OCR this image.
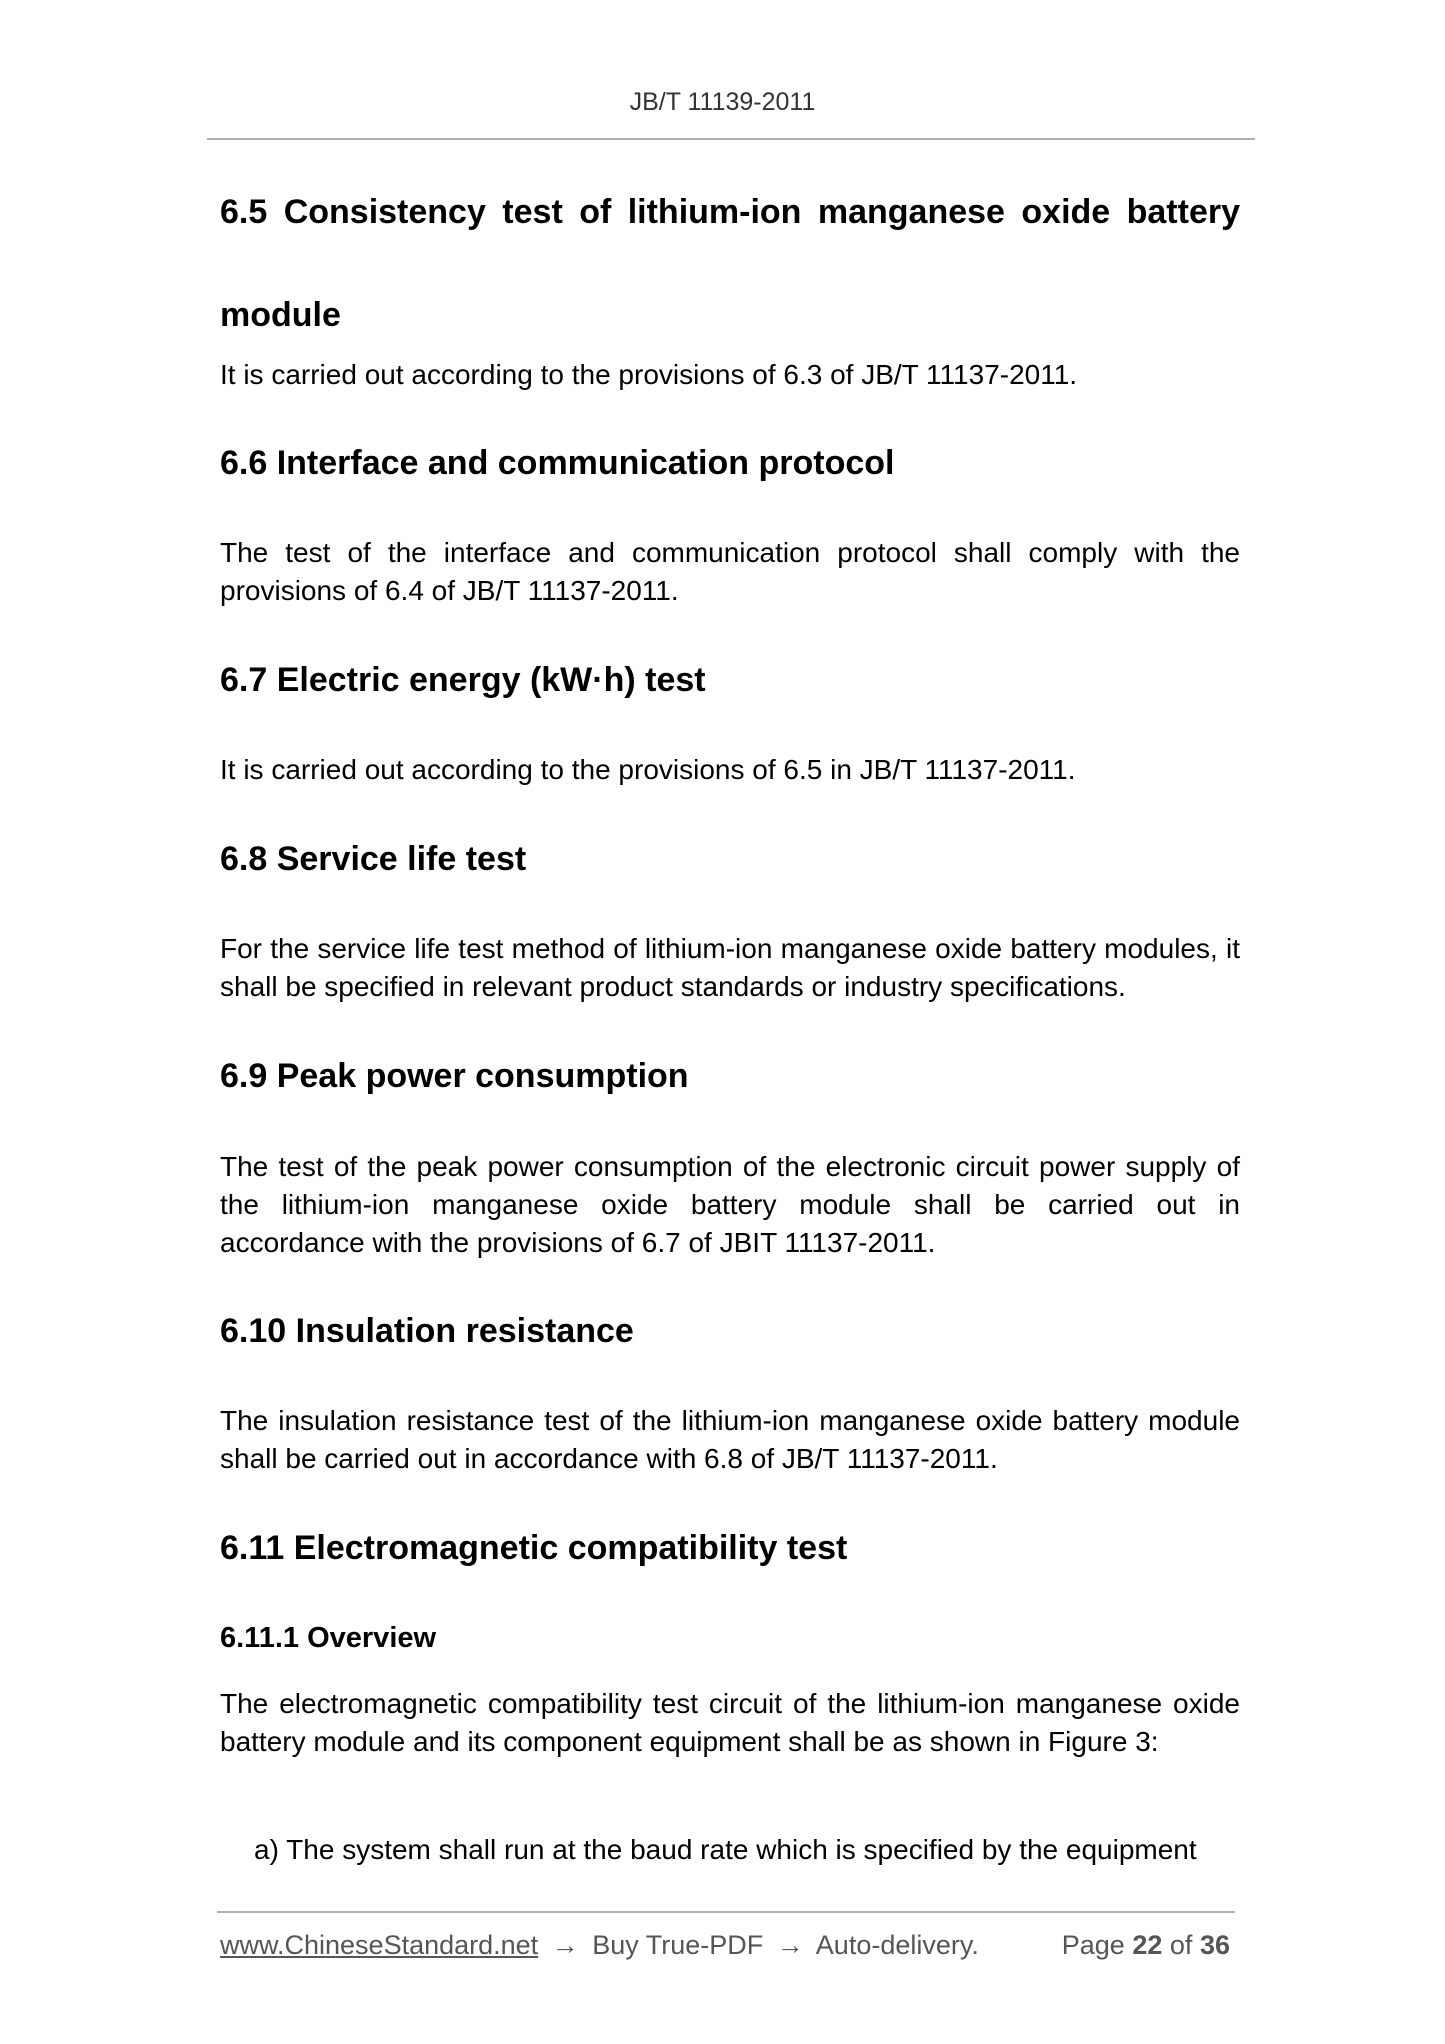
JB/T 11139-2011
6.5 Consistency test of lithium-ion manganese oxide battery
module

It is carried out according to the provisions of 6.3 of JB/T 11137-2011.

6.6 Interface and communication protocol

The test of the interface and communication protocol shall comply with the provisions of 6.4 of JB/T 11137-2011.

6.7 Electric energy (kW·h) test

It is carried out according to the provisions of 6.5 in JB/T 11137-2011.

6.8 Service life test

For the service life test method of lithium-ion manganese oxide battery modules, it shall be specified in relevant product standards or industry specifications.

6.9 Peak power consumption

The test of the peak power consumption of the electronic circuit power supply of the lithium-ion manganese oxide battery module shall be carried out in accordance with the provisions of 6.7 of JBIT 11137-2011.

6.10 Insulation resistance

The insulation resistance test of the lithium-ion manganese oxide battery module shall be carried out in accordance with 6.8 of JB/T 11137-2011.

6.11 Electromagnetic compatibility test
6.11.1 Overview

The electromagnetic compatibility test circuit of the lithium-ion manganese oxide battery module and its component equipment shall be as shown in Figure 3:

a) The system shall run at the baud rate which is specified by the equipment

www.ChineseStandard.net → Buy True-PDF → Auto-delivery.	Page 22 of 36
